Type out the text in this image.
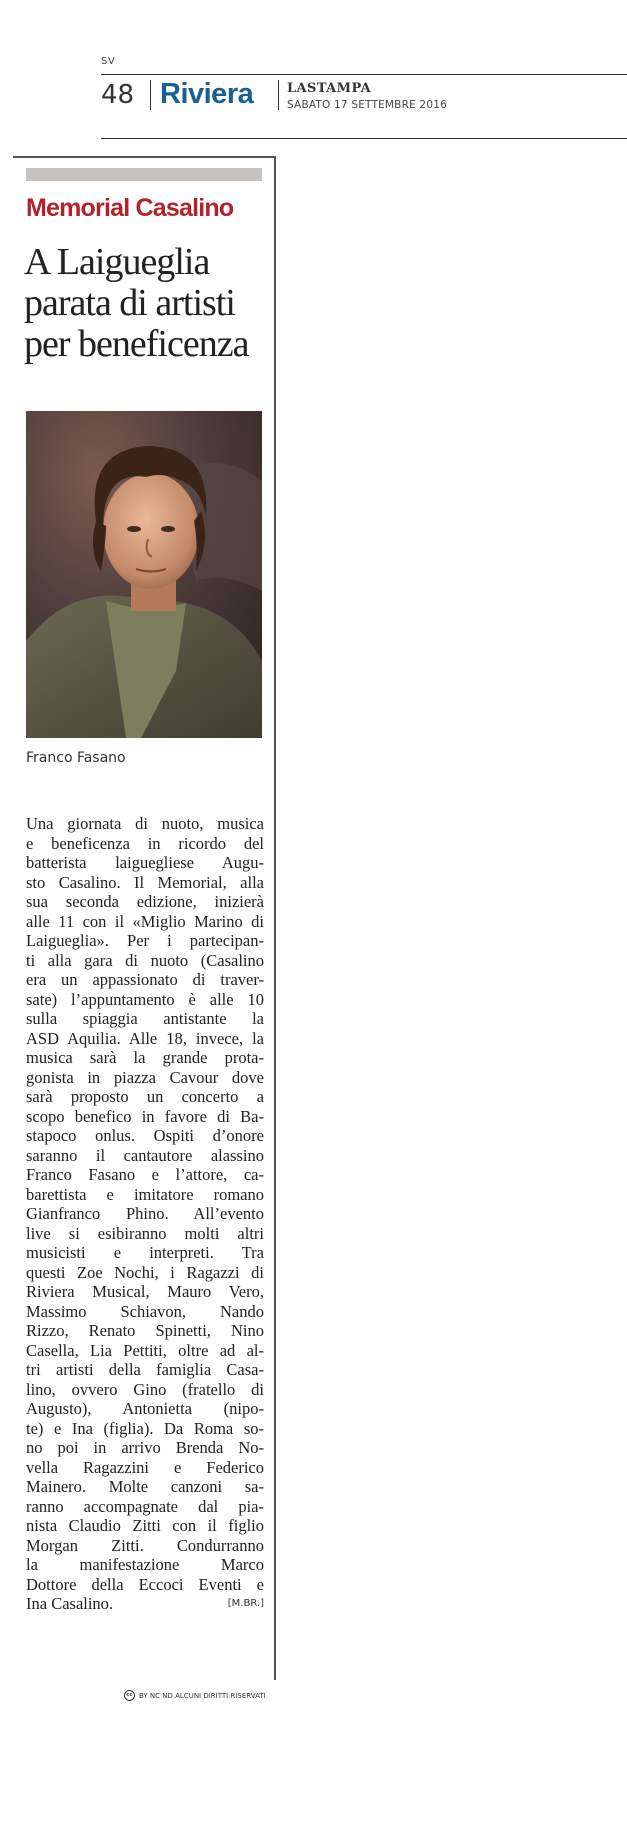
SV
48 Riviera	LASTAMPA
SABATO 17 SETTEMBRE 2016
Memorial Casalino
A Laigueglia
parata di artisti
per beneficenza
Franco Fasano
Una giornata di nuoto, musica
e beneficenza in ricordo del
batterista laiguegliese Augu-
sto Casalino. Il Memorial, alla
sua seconda edizione, inizierà
alle 11 con il «Miglio Marino di
Laigueglia». Per i partecipan-
ti alla gara di nuoto (Casalino
era un appassionato di traver-
sate) l’appuntamento è alle 10
sulla spiaggia antistante la
ASD Aquilia. Alle 18, invece, la
musica sarà la grande prota-
gonista in piazza Cavour dove
sarà proposto un concerto a
scopo benefico in favore di Ba-
stapoco onlus. Ospiti d’onore
saranno il cantautore alassino
Franco Fasano e l’attore, ca-
barettista e imitatore romano
Gianfranco Phino. All’evento
live si esibiranno molti altri
musicisti e interpreti. Tra
questi Zoe Nochi, i Ragazzi di
Riviera Musical, Mauro Vero,
Massimo Schiavon, Nando
Rizzo, Renato Spinetti, Nino
Casella, Lia Pettiti, oltre ad al-
tri artisti della famiglia Casa-
lino, ovvero Gino (fratello di
Augusto), Antonietta (nipo-
te) e Ina (figlia). Da Roma so-
no poi in arrivo Brenda No-
vella Ragazzini e Federico
Mainero. Molte canzoni sa-
ranno accompagnate dal pia-
nista Claudio Zitti con il figlio
Morgan Zitti. Condurranno
la manifestazione Marco
Dottore della Eccoci Eventi e
Ina Casalino.	[M.BR.]
cc BY NC ND ALCUNI DIRITTI RISERVATI
